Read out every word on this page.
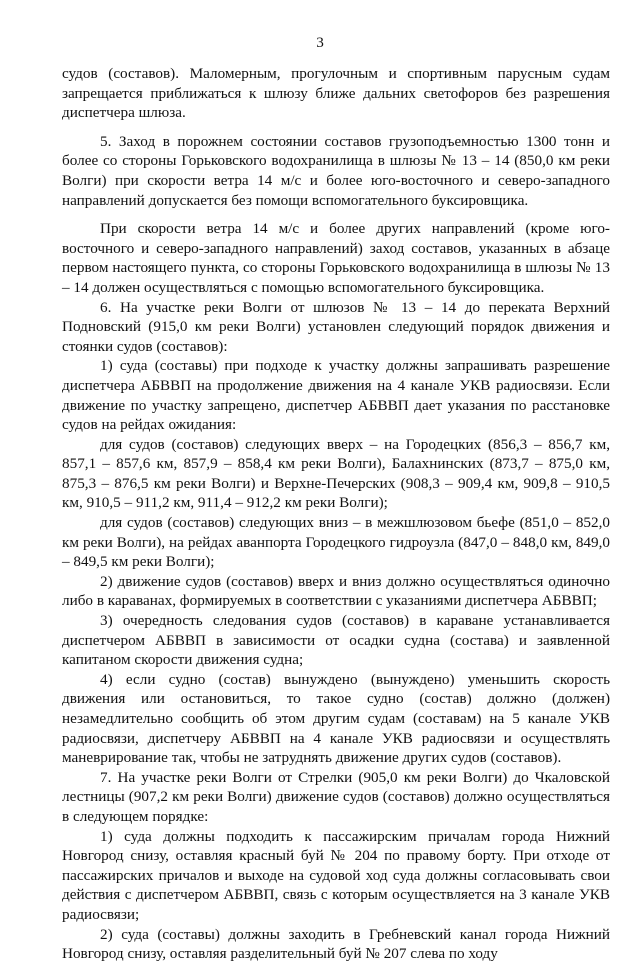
3

судов (составов). Маломерным, прогулочным и спортивным парусным судам запрещается приближаться к шлюзу ближе дальних светофоров без разрешения диспетчера шлюза.

5. Заход в порожнем состоянии составов грузоподъемностью 1300 тонн и более со стороны Горьковского водохранилища в шлюзы № 13 – 14 (850,0 км реки Волги) при скорости ветра 14 м/с и более юго-восточного и северо-западного направлений допускается без помощи вспомогательного буксировщика.

При скорости ветра 14 м/с и более других направлений (кроме юго-восточного и северо-западного направлений) заход составов, указанных в абзаце первом настоящего пункта, со стороны Горьковского водохранилища в шлюзы № 13 – 14 должен осуществляться с помощью вспомогательного буксировщика.

6. На участке реки Волги от шлюзов № 13 – 14 до переката Верхний Подновский (915,0 км реки Волги) установлен следующий порядок движения и стоянки судов (составов):

1) суда (составы) при подходе к участку должны запрашивать разрешение диспетчера АБВВП на продолжение движения на 4 канале УКВ радиосвязи. Если движение по участку запрещено, диспетчер АБВВП дает указания по расстановке судов на рейдах ожидания:

для судов (составов) следующих вверх – на Городецких (856,3 – 856,7 км, 857,1 – 857,6 км, 857,9 – 858,4 км реки Волги), Балахнинских (873,7 – 875,0 км, 875,3 – 876,5 км реки Волги) и Верхне-Печерских (908,3 – 909,4 км, 909,8 – 910,5 км, 910,5 – 911,2 км, 911,4 – 912,2 км реки Волги);

для судов (составов) следующих вниз – в межшлюзовом бьефе (851,0 – 852,0 км реки Волги), на рейдах аванпорта Городецкого гидроузла (847,0 – 848,0 км, 849,0 – 849,5 км реки Волги);

2) движение судов (составов) вверх и вниз должно осуществляться одиночно либо в караванах, формируемых в соответствии с указаниями диспетчера АБВВП;

3) очередность следования судов (составов) в караване устанавливается диспетчером АБВВП в зависимости от осадки судна (состава) и заявленной капитаном скорости движения судна;

4) если судно (состав) вынуждено (вынуждено) уменьшить скорость движения или остановиться, то такое судно (состав) должно (должен) незамедлительно сообщить об этом другим судам (составам) на 5 канале УКВ радиосвязи, диспетчеру АБВВП на 4 канале УКВ радиосвязи и осуществлять маневрирование так, чтобы не затруднять движение других судов (составов).

7. На участке реки Волги от Стрелки (905,0 км реки Волги) до Чкаловской лестницы (907,2 км реки Волги) движение судов (составов) должно осуществляться в следующем порядке:

1) суда должны подходить к пассажирским причалам города Нижний Новгород снизу, оставляя красный буй № 204 по правому борту. При отходе от пассажирских причалов и выходе на судовой ход суда должны согласовывать свои действия с диспетчером АБВВП, связь с которым осуществляется на 3 канале УКВ радиосвязи;

2) суда (составы) должны заходить в Гребневский канал города Нижний Новгород снизу, оставляя разделительный буй № 207 слева по ходу
